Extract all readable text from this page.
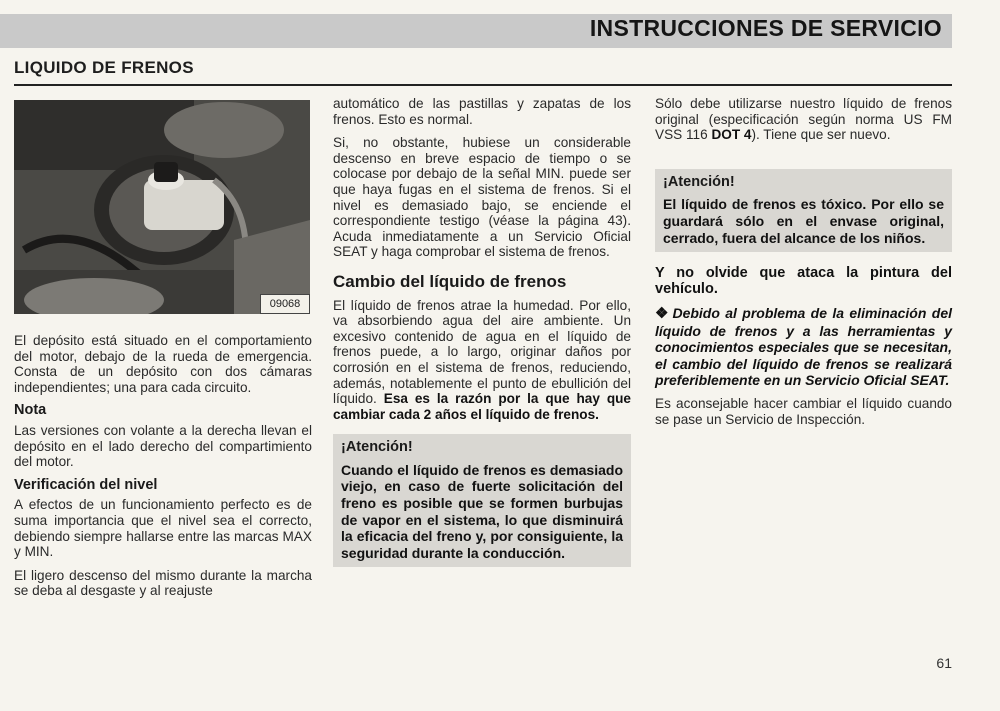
INSTRUCCIONES DE SERVICIO
LIQUIDO DE FRENOS
09068

El depósito está situado en el comportamiento del motor, debajo de la rueda de emergencia. Consta de un depósito con dos cámaras independientes; una para cada circuito.

Nota

Las versiones con volante a la derecha llevan el depósito en el lado derecho del compartimiento del motor.

Verificación del nivel

A efectos de un funcionamiento perfecto es de suma importancia que el nivel sea el correcto, debiendo siempre hallarse entre las marcas MAX y MIN.

El ligero descenso del mismo durante la marcha se deba al desgaste y al reajuste

automático de las pastillas y zapatas de los frenos. Esto es normal.

Si, no obstante, hubiese un considerable descenso en breve espacio de tiempo o se colocase por debajo de la señal MIN. puede ser que haya fugas en el sistema de frenos. Si el nivel es demasiado bajo, se enciende el correspondiente testigo (véase la página 43). Acuda inmediatamente a un Servicio Oficial SEAT y haga comprobar el sistema de frenos.

Cambio del líquido de frenos

El líquido de frenos atrae la humedad. Por ello, va absorbiendo agua del aire ambiente. Un excesivo contenido de agua en el líquido de frenos puede, a lo largo, originar daños por corrosión en el sistema de frenos, reduciendo, además, notablemente el punto de ebullición del líquido. Esa es la razón por la que hay que cambiar cada 2 años el líquido de frenos.

¡Atención!
Cuando el líquido de frenos es demasiado viejo, en caso de fuerte solicitación del freno es posible que se formen burbujas de vapor en el sistema, lo que disminuirá la eficacia del freno y, por consiguiente, la seguridad durante la conducción.

Sólo debe utilizarse nuestro líquido de frenos original (especificación según norma US FM VSS 116 DOT 4). Tiene que ser nuevo.

¡Atención!
El líquido de frenos es tóxico. Por ello se guardará sólo en el envase original, cerrado, fuera del alcance de los niños.

Y no olvide que ataca la pintura del vehículo.

❖ Debido al problema de la eliminación del líquido de frenos y a las herramientas y conocimientos especiales que se necesitan, el cambio del líquido de frenos se realizará preferiblemente en un Servicio Oficial SEAT.

Es aconsejable hacer cambiar el líquido cuando se pase un Servicio de Inspección.

61
